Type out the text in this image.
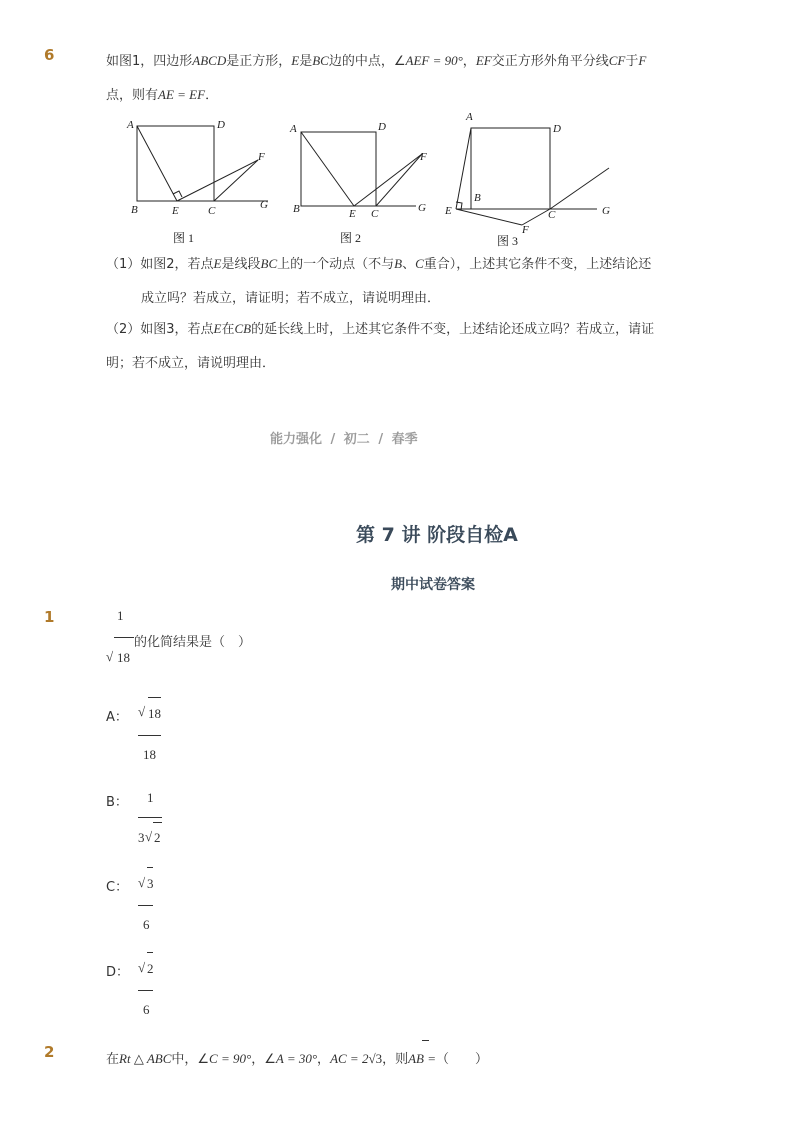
6	如图1，四边形ABCD是正方形，E是BC边的中点，∠AEF = 90°，EF交正方形外角平分线CF于F
点，则有AE = EF．
A	D
B	E	C	G
F
A	D
B	E C	G
F
A
D
B
E	C	G
F
图 1	图 2	图 3
（1）如图2，若点E是线段BC上的一个动点（不与B、C重合），上述其它条件不变，上述结论还
成立吗？若成立，请证明；若不成立，请说明理由．
（2）如图3，若点E在CB的延长线上时，上述其它条件不变，上述结论还成立吗？若成立，请证
明；若不成立，请说明理由．
能力强化 / 初二 / 春季
第 7 讲 阶段自检A
期中试卷答案
1	1
√ 18
的化简结果是（　）
A： √ 18
18
B： 1
3 √ 2
C： √ 3
6
D： √ 2
6
2	在Rt △ ABC中，∠C = 90°，∠A = 30°，AC = 2√3，则AB =（　　）
